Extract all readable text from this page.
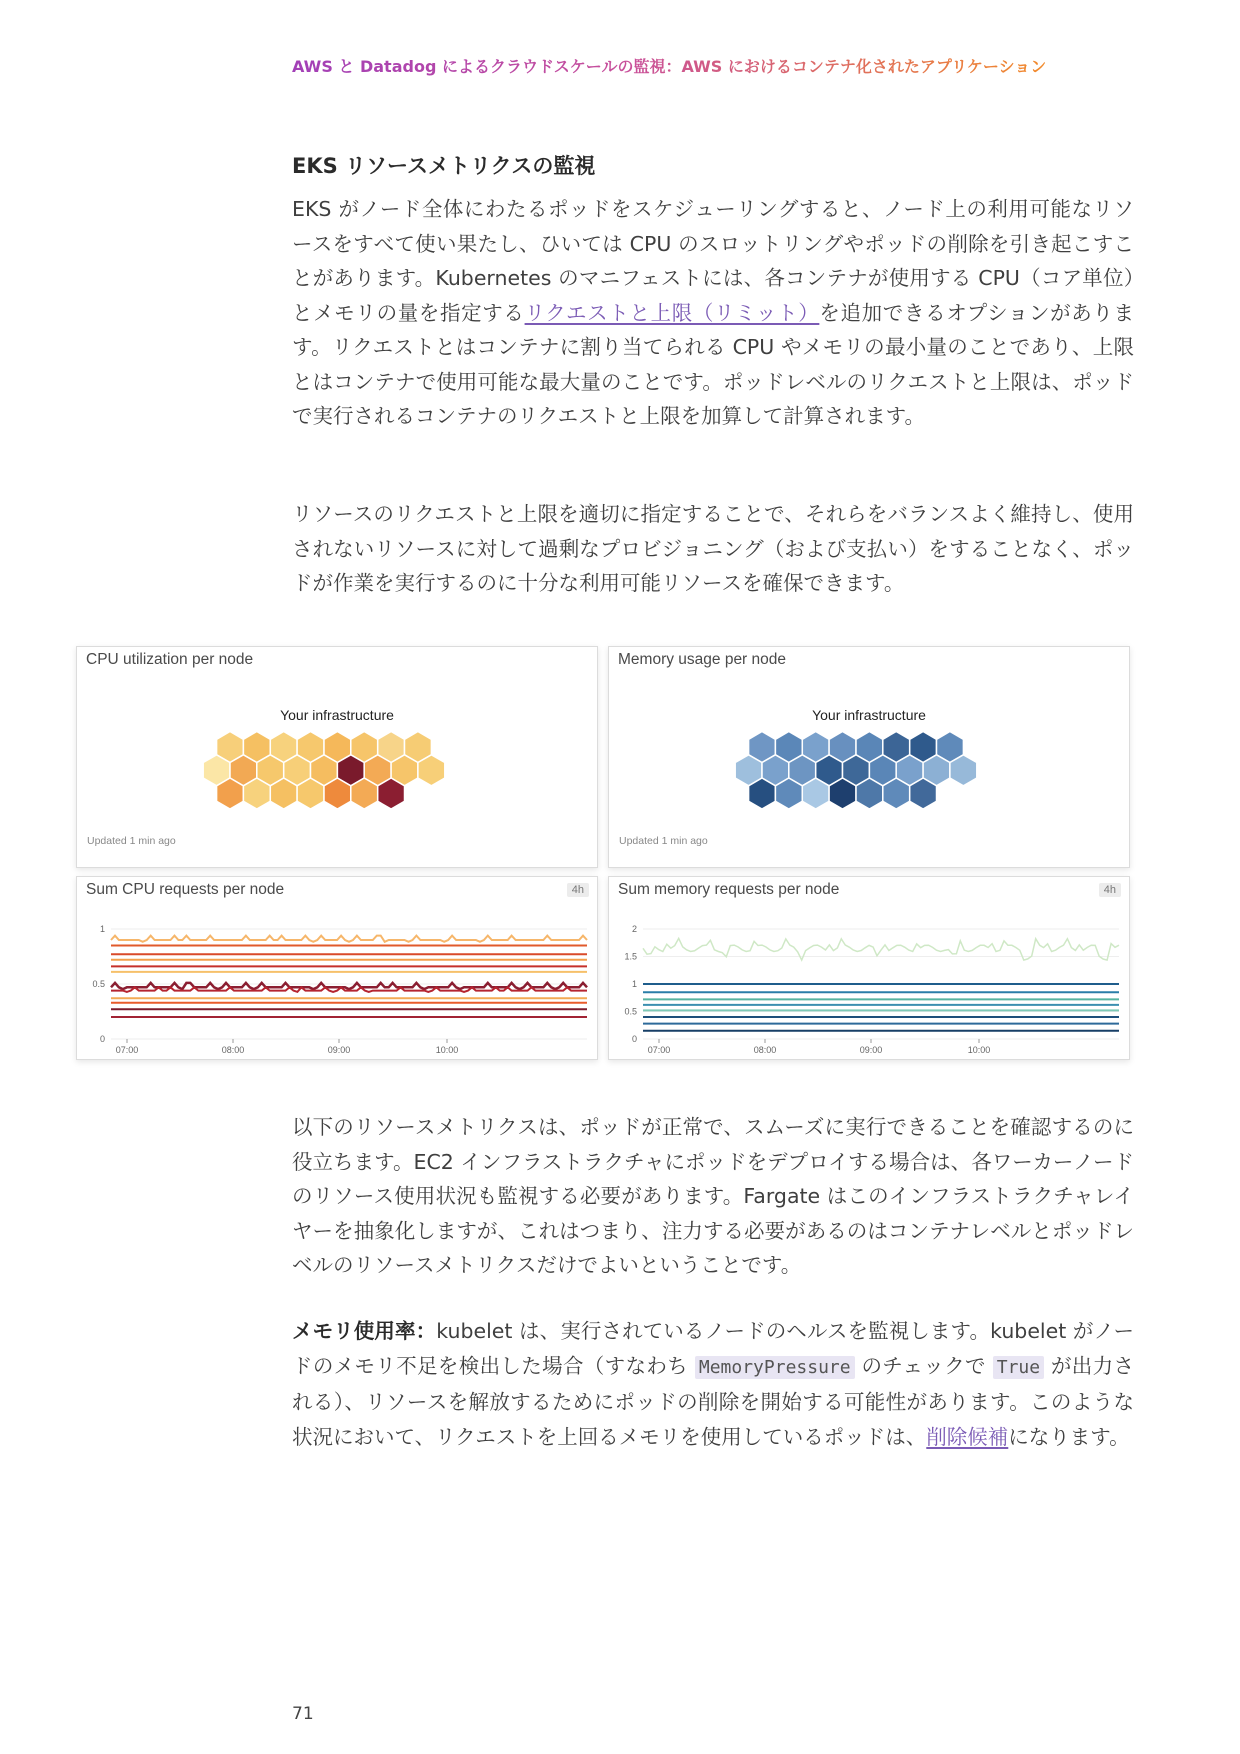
AWS と Datadog によるクラウドスケールの監視：AWS におけるコンテナ化されたアプリケーション
EKS リソースメトリクスの監視

EKS がノード全体にわたるポッドをスケジューリングすると、ノード上の利用可能なリソースをすべて使い果たし、ひいては CPU のスロットリングやポッドの削除を引き起こすことがあります。Kubernetes のマニフェストには、各コンテナが使用する CPU（コア単位）とメモリの量を指定するリクエストと上限（リミット）を追加できるオプションがあります。リクエストとはコンテナに割り当てられる CPU やメモリの最小量のことであり、上限とはコンテナで使用可能な最大量のことです。ポッドレベルのリクエストと上限は、ポッドで実行されるコンテナのリクエストと上限を加算して計算されます。

リソースのリクエストと上限を適切に指定することで、それらをバランスよく維持し、使用されないリソースに対して過剰なプロビジョニング（および支払い）をすることなく、ポッドが作業を実行するのに十分な利用可能リソースを確保できます。

CPU utilization per node
Your infrastructure
Updated 1 min ago
Memory usage per node
Your infrastructure
Updated 1 min ago
1
0.5
0
07:00	08:00	09:00	10:00
Sum CPU requests per node	4h
2
1.5
1
0.5
0
07:00	08:00	09:00	10:00
Sum memory requests per node	4h

以下のリソースメトリクスは、ポッドが正常で、スムーズに実行できることを確認するのに役立ちます。EC2 インフラストラクチャにポッドをデプロイする場合は、各ワーカーノードのリソース使用状況も監視する必要があります。Fargate はこのインフラストラクチャレイヤーを抽象化しますが、これはつまり、注力する必要があるのはコンテナレベルとポッドレベルのリソースメトリクスだけでよいということです。

メモリ使用率：kubelet は、実行されているノードのヘルスを監視します。kubelet がノードのメモリ不足を検出した場合（すなわち MemoryPressure のチェックで True が出力される）、リソースを解放するためにポッドの削除を開始する可能性があります。このような状況において、リクエストを上回るメモリを使用しているポッドは、削除候補になります。

71
